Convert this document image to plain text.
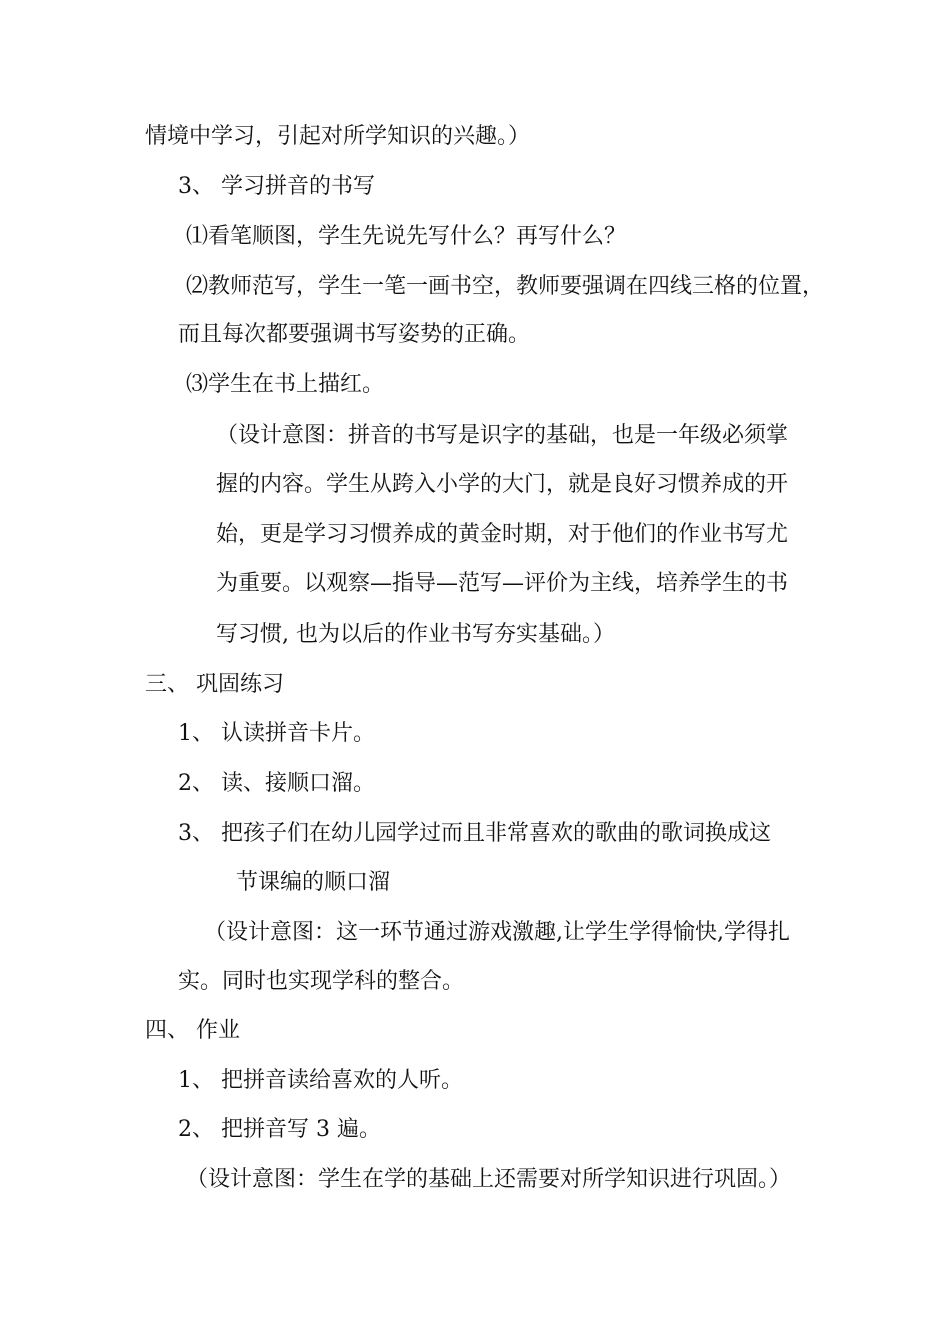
情境中学习，引起对所学知识的兴趣。）
3、 学习拼音的书写
⑴看笔顺图，学生先说先写什么？再写什么？
⑵教师范写，学生一笔一画书空，教师要强调在四线三格的位置，
而且每次都要强调书写姿势的正确。
⑶学生在书上描红。
（设计意图：拼音的书写是识字的基础，也是一年级必须掌
握的内容。学生从跨入小学的大门，就是良好习惯养成的开
始，更是学习习惯养成的黄金时期，对于他们的作业书写尤
为重要。以观察—指导—范写—评价为主线，培养学生的书
写习惯, 也为以后的作业书写夯实基础。）
三、 巩固练习
1、 认读拼音卡片。
2、 读、接顺口溜。
3、 把孩子们在幼儿园学过而且非常喜欢的歌曲的歌词换成这
节课编的顺口溜
（设计意图：这一环节通过游戏激趣,让学生学得愉快,学得扎
实。同时也实现学科的整合。
四、 作业
1、 把拼音读给喜欢的人听。
2、 把拼音写 3 遍。
（设计意图：学生在学的基础上还需要对所学知识进行巩固。）
